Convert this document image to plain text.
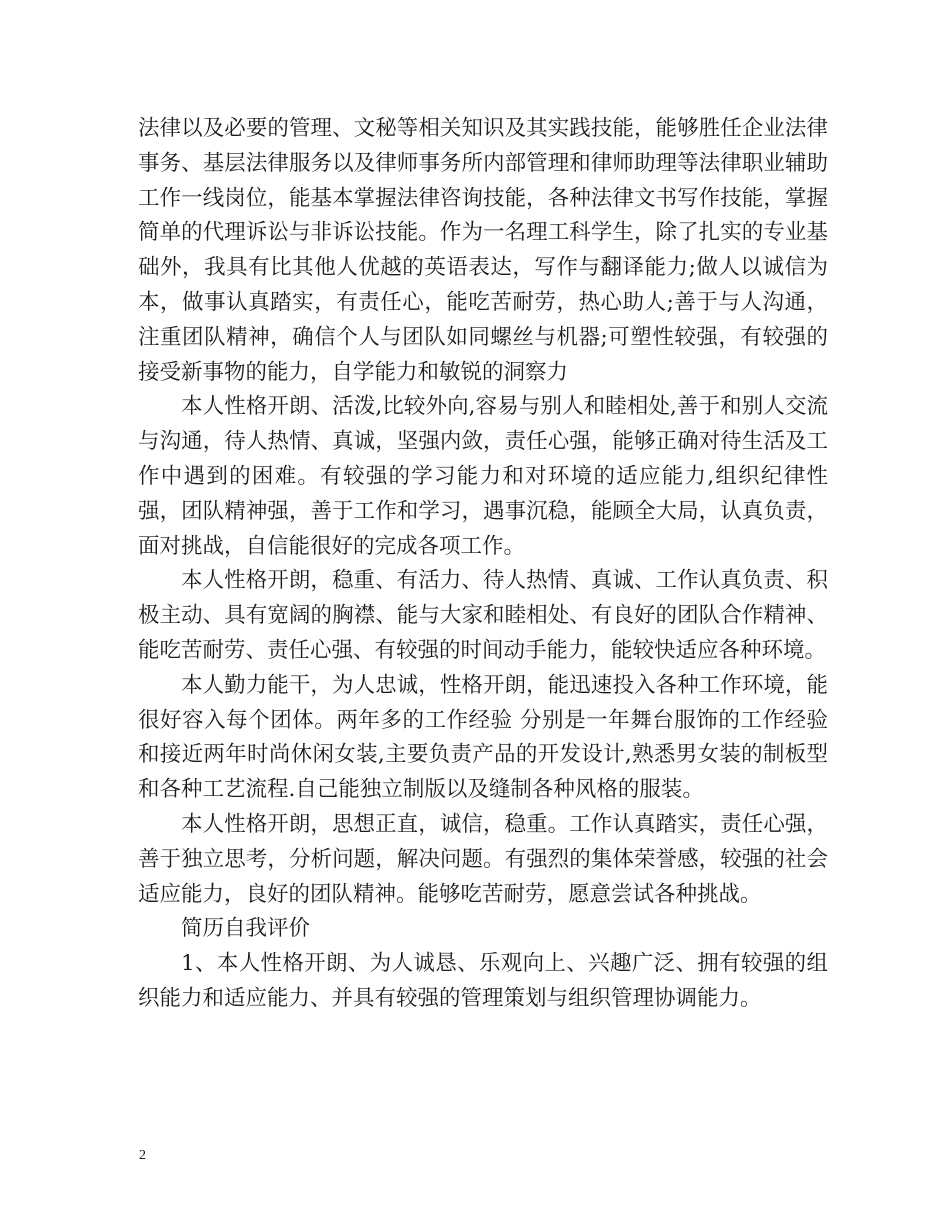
法律以及必要的管理、文秘等相关知识及其实践技能，能够胜任企业法律事务、基层法律服务以及律师事务所内部管理和律师助理等法律职业辅助工作一线岗位，能基本掌握法律咨询技能，各种法律文书写作技能，掌握简单的代理诉讼与非诉讼技能。作为一名理工科学生，除了扎实的专业基础外，我具有比其他人优越的英语表达，写作与翻译能力;做人以诚信为本，做事认真踏实，有责任心，能吃苦耐劳，热心助人;善于与人沟通，注重团队精神，确信个人与团队如同螺丝与机器;可塑性较强，有较强的接受新事物的能力，自学能力和敏锐的洞察力

本人性格开朗、活泼,比较外向,容易与别人和睦相处,善于和别人交流与沟通，待人热情、真诚，坚强内敛，责任心强，能够正确对待生活及工作中遇到的困难。有较强的学习能力和对环境的适应能力,组织纪律性强，团队精神强，善于工作和学习，遇事沉稳，能顾全大局，认真负责，面对挑战，自信能很好的完成各项工作。

本人性格开朗，稳重、有活力、待人热情、真诚、工作认真负责、积极主动、具有宽阔的胸襟、能与大家和睦相处、有良好的团队合作精神、能吃苦耐劳、责任心强、有较强的时间动手能力，能较快适应各种环境。

本人勤力能干，为人忠诚，性格开朗，能迅速投入各种工作环境，能很好容入每个团体。两年多的工作经验 分别是一年舞台服饰的工作经验和接近两年时尚休闲女装,主要负责产品的开发设计,熟悉男女装的制板型和各种工艺流程.自己能独立制版以及缝制各种风格的服装。

本人性格开朗，思想正直，诚信，稳重。工作认真踏实，责任心强，善于独立思考，分析问题，解决问题。有强烈的集体荣誉感，较强的社会适应能力，良好的团队精神。能够吃苦耐劳，愿意尝试各种挑战。

简历自我评价

1、本人性格开朗、为人诚恳、乐观向上、兴趣广泛、拥有较强的组织能力和适应能力、并具有较强的管理策划与组织管理协调能力。

2
